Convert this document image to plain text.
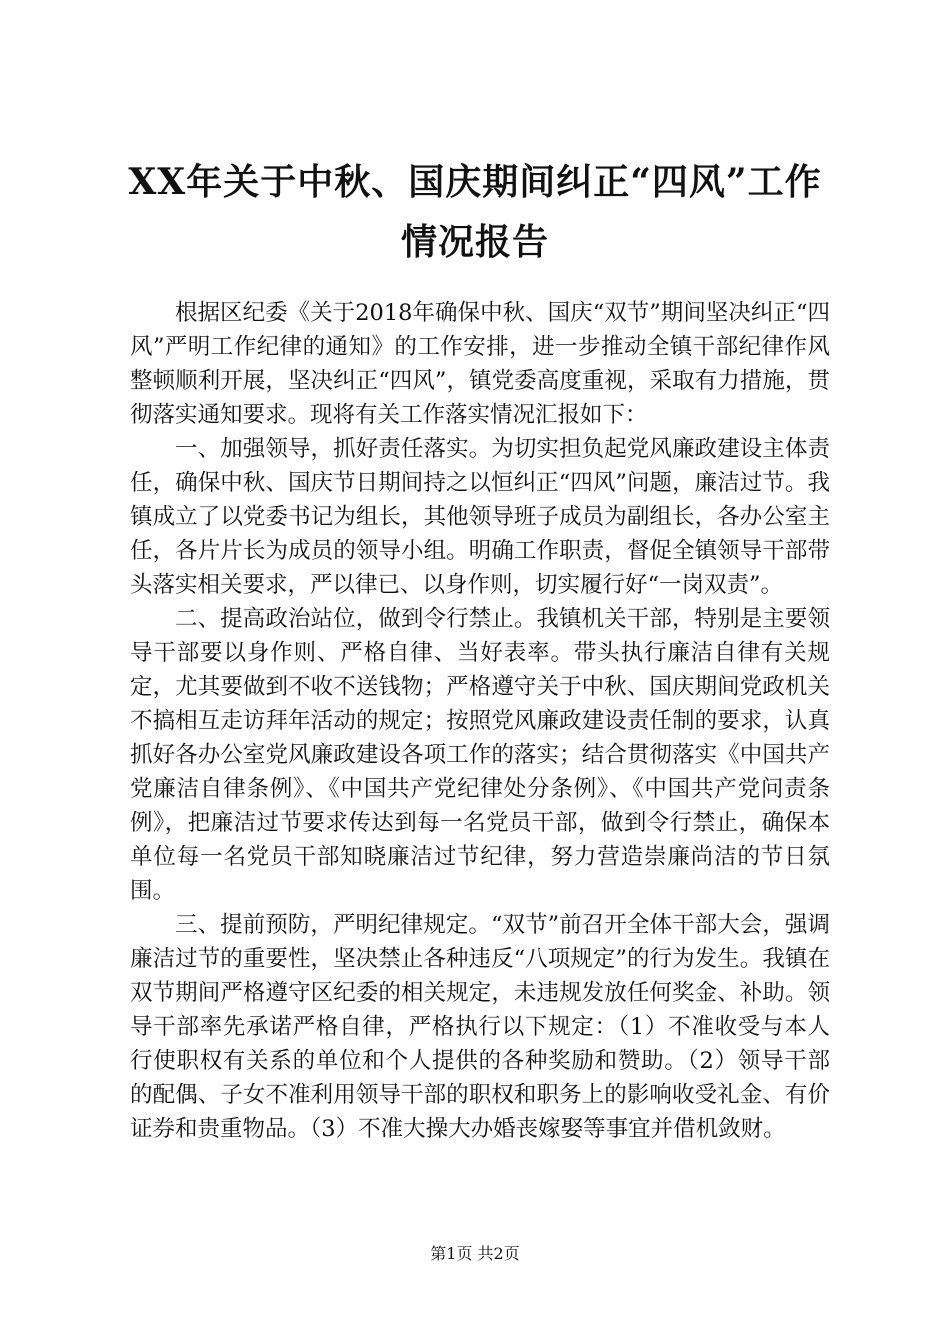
XX年关于中秋、国庆期间纠正“四风”工作
情况报告

根据区纪委《关于2018年确保中秋、国庆“双节”期间坚决纠正“四风”严明工作纪律的通知》的工作安排，进一步推动全镇干部纪律作风整顿顺利开展，坚决纠正“四风”，镇党委高度重视，采取有力措施，贯彻落实通知要求。现将有关工作落实情况汇报如下：

一、加强领导，抓好责任落实。为切实担负起党风廉政建设主体责任，确保中秋、国庆节日期间持之以恒纠正“四风”问题，廉洁过节。我镇成立了以党委书记为组长，其他领导班子成员为副组长，各办公室主任，各片片长为成员的领导小组。明确工作职责，督促全镇领导干部带头落实相关要求，严以律已、以身作则，切实履行好“一岗双责”。

二、提高政治站位，做到令行禁止。我镇机关干部，特别是主要领导干部要以身作则、严格自律、当好表率。带头执行廉洁自律有关规定，尤其要做到不收不送钱物；严格遵守关于中秋、国庆期间党政机关不搞相互走访拜年活动的规定；按照党风廉政建设责任制的要求，认真抓好各办公室党风廉政建设各项工作的落实；结合贯彻落实《中国共产党廉洁自律条例》、《中国共产党纪律处分条例》、《中国共产党问责条例》，把廉洁过节要求传达到每一名党员干部，做到令行禁止，确保本单位每一名党员干部知晓廉洁过节纪律，努力营造崇廉尚洁的节日氛围。

三、提前预防，严明纪律规定。“双节”前召开全体干部大会，强调廉洁过节的重要性，坚决禁止各种违反“八项规定”的行为发生。我镇在双节期间严格遵守区纪委的相关规定，未违规发放任何奖金、补助。领导干部率先承诺严格自律，严格执行以下规定：（1）不准收受与本人行使职权有关系的单位和个人提供的各种奖励和赞助。（2）领导干部的配偶、子女不准利用领导干部的职权和职务上的影响收受礼金、有价证券和贵重物品。（3）不准大操大办婚丧嫁娶等事宜并借机敛财。

第1页 共2页
